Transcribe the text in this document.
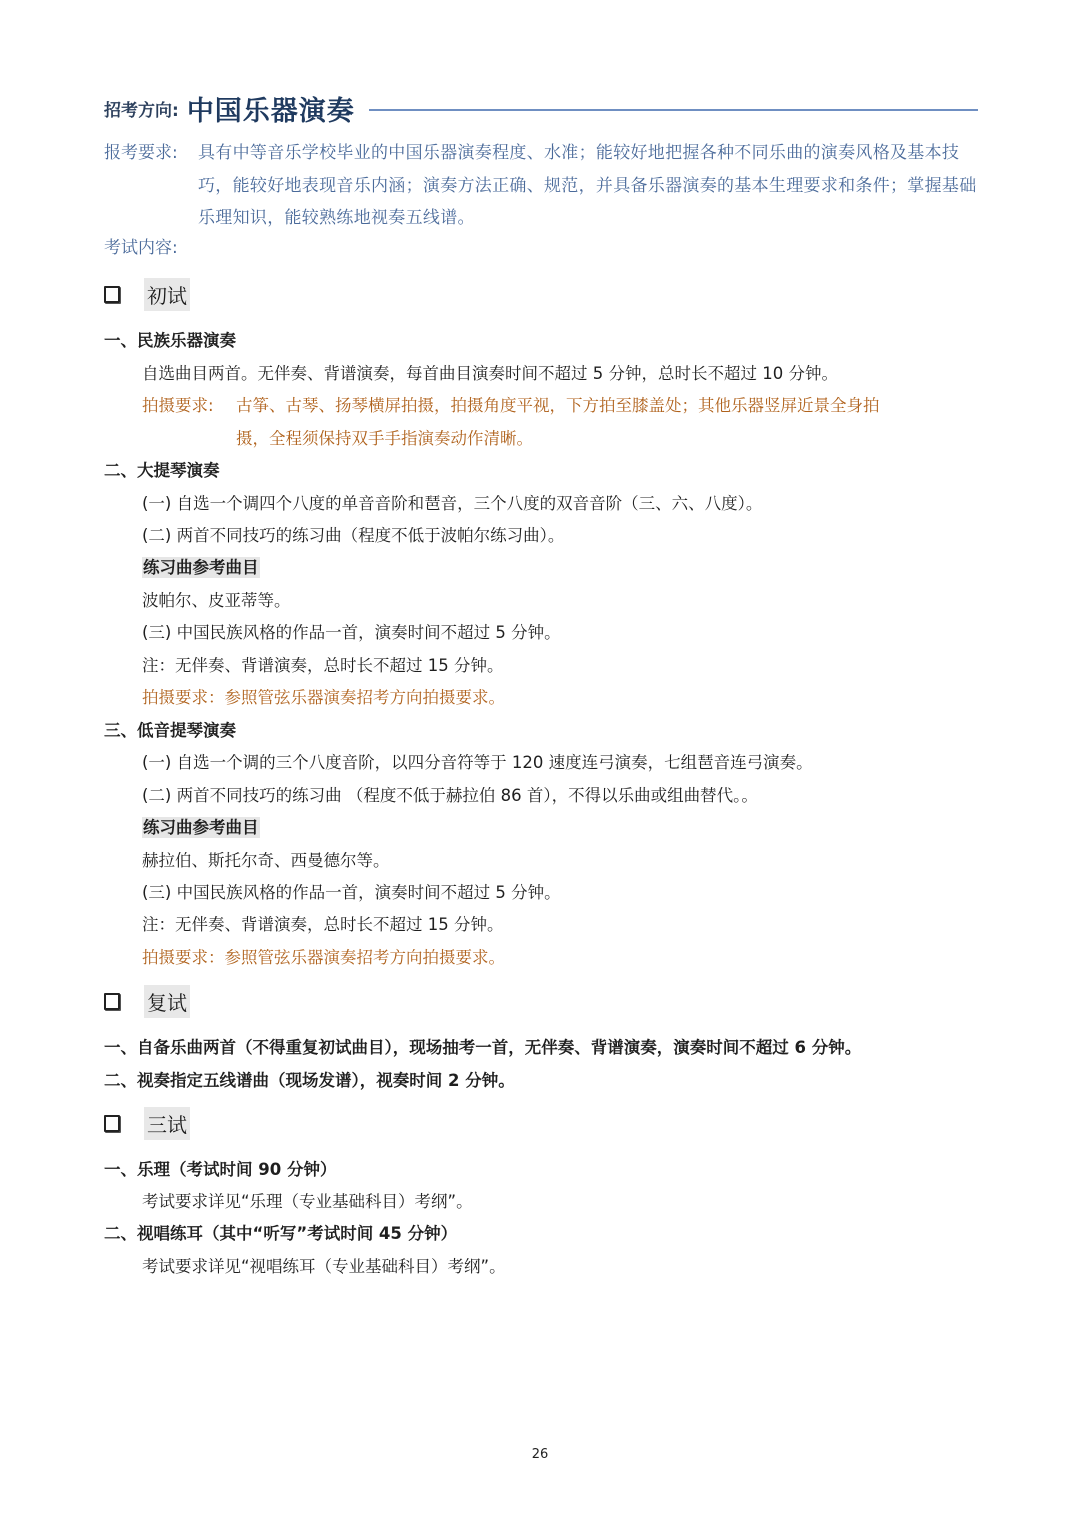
招考方向: 中国乐器演奏
报考要求: 具有中等音乐学校毕业的中国乐器演奏程度、水准；能较好地把握各种不同乐曲的演奏风格及基本技巧，能较好地表现音乐内涵；演奏方法正确、规范，并具备乐器演奏的基本生理要求和条件；掌握基础乐理知识，能较熟练地视奏五线谱。
考试内容:
初试
一、民族乐器演奏
自选曲目两首。无伴奏、背谱演奏，每首曲目演奏时间不超过 5 分钟，总时长不超过 10 分钟。
拍摄要求: 古筝、古琴、扬琴横屏拍摄，拍摄角度平视，下方拍至膝盖处；其他乐器竖屏近景全身拍
摄，全程须保持双手手指演奏动作清晰。
二、大提琴演奏
(一) 自选一个调四个八度的单音音阶和琶音，三个八度的双音音阶（三、六、八度）。
(二) 两首不同技巧的练习曲（程度不低于波帕尔练习曲）。
练习曲参考曲目
波帕尔、皮亚蒂等。
(三) 中国民族风格的作品一首，演奏时间不超过 5 分钟。
注：无伴奏、背谱演奏，总时长不超过 15 分钟。
拍摄要求：参照管弦乐器演奏招考方向拍摄要求。
三、低音提琴演奏
(一) 自选一个调的三个八度音阶，以四分音符等于 120 速度连弓演奏，七组琶音连弓演奏。
(二) 两首不同技巧的练习曲 （程度不低于赫拉伯 86 首），不得以乐曲或组曲替代。。
练习曲参考曲目
赫拉伯、斯托尔奇、西曼德尔等。
(三) 中国民族风格的作品一首，演奏时间不超过 5 分钟。
注：无伴奏、背谱演奏，总时长不超过 15 分钟。
拍摄要求：参照管弦乐器演奏招考方向拍摄要求。
复试
一、自备乐曲两首（不得重复初试曲目），现场抽考一首，无伴奏、背谱演奏，演奏时间不超过 6 分钟。
二、视奏指定五线谱曲（现场发谱），视奏时间 2 分钟。
三试
一、乐理（考试时间 90 分钟）
考试要求详见“乐理（专业基础科目）考纲”。
二、视唱练耳（其中“听写”考试时间 45 分钟）
考试要求详见“视唱练耳（专业基础科目）考纲”。
26
